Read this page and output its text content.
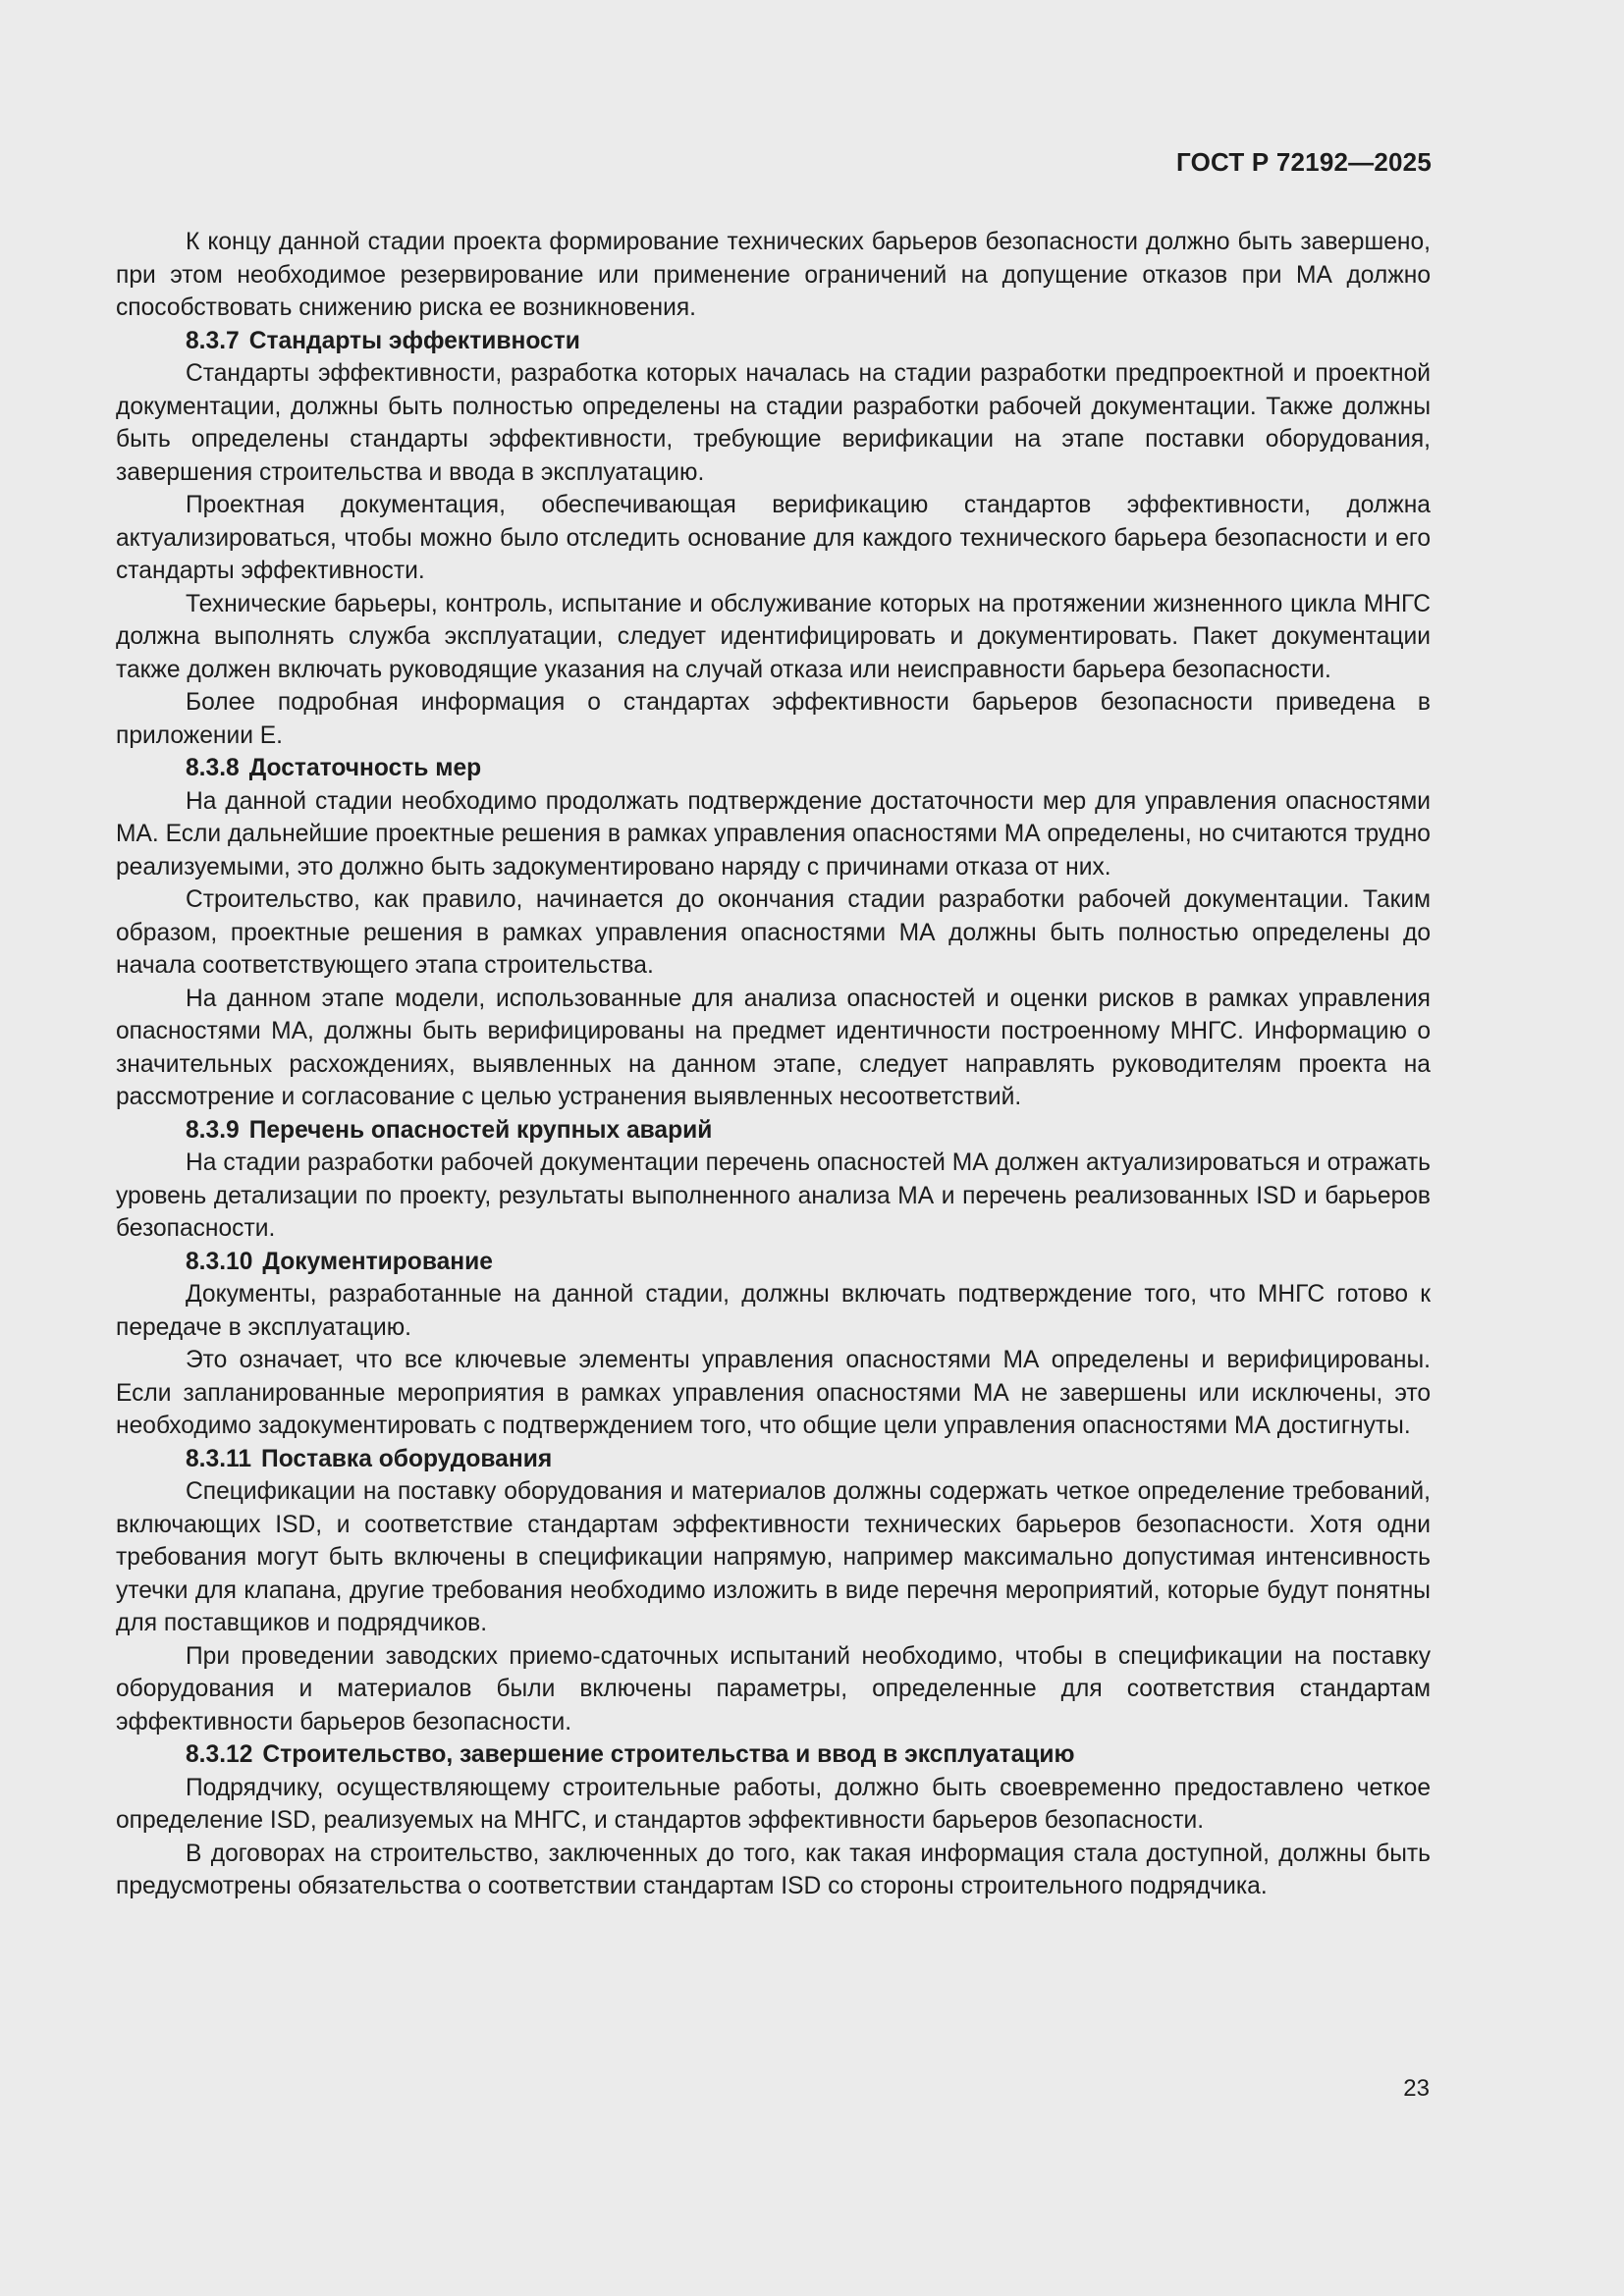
ГОСТ Р 72192—2025

К концу данной стадии проекта формирование технических барьеров безопасности должно быть завершено, при этом необходимое резервирование или применение ограничений на допущение отказов при МА должно способствовать снижению риска ее возникновения.

8.3.7 Стандарты эффективности

Стандарты эффективности, разработка которых началась на стадии разработки предпроектной и проектной документации, должны быть полностью определены на стадии разработки рабочей документации. Также должны быть определены стандарты эффективности, требующие верификации на этапе поставки оборудования, завершения строительства и ввода в эксплуатацию.

Проектная документация, обеспечивающая верификацию стандартов эффективности, должна актуализироваться, чтобы можно было отследить основание для каждого технического барьера безопасности и его стандарты эффективности.

Технические барьеры, контроль, испытание и обслуживание которых на протяжении жизненного цикла МНГС должна выполнять служба эксплуатации, следует идентифицировать и документировать. Пакет документации также должен включать руководящие указания на случай отказа или неисправности барьера безопасности.

Более подробная информация о стандартах эффективности барьеров безопасности приведена в приложении Е.

8.3.8 Достаточность мер

На данной стадии необходимо продолжать подтверждение достаточности мер для управления опасностями МА. Если дальнейшие проектные решения в рамках управления опасностями МА определены, но считаются трудно реализуемыми, это должно быть задокументировано наряду с причинами отказа от них.

Строительство, как правило, начинается до окончания стадии разработки рабочей документации. Таким образом, проектные решения в рамках управления опасностями МА должны быть полностью определены до начала соответствующего этапа строительства.

На данном этапе модели, использованные для анализа опасностей и оценки рисков в рамках управления опасностями МА, должны быть верифицированы на предмет идентичности построенному МНГС. Информацию о значительных расхождениях, выявленных на данном этапе, следует направлять руководителям проекта на рассмотрение и согласование с целью устранения выявленных несоответствий.

8.3.9 Перечень опасностей крупных аварий

На стадии разработки рабочей документации перечень опасностей МА должен актуализироваться и отражать уровень детализации по проекту, результаты выполненного анализа МА и перечень реализованных ISD и барьеров безопасности.

8.3.10 Документирование

Документы, разработанные на данной стадии, должны включать подтверждение того, что МНГС готово к передаче в эксплуатацию.

Это означает, что все ключевые элементы управления опасностями МА определены и верифицированы. Если запланированные мероприятия в рамках управления опасностями МА не завершены или исключены, это необходимо задокументировать с подтверждением того, что общие цели управления опасностями МА достигнуты.

8.3.11 Поставка оборудования

Спецификации на поставку оборудования и материалов должны содержать четкое определение требований, включающих ISD, и соответствие стандартам эффективности технических барьеров безопасности. Хотя одни требования могут быть включены в спецификации напрямую, например максимально допустимая интенсивность утечки для клапана, другие требования необходимо изложить в виде перечня мероприятий, которые будут понятны для поставщиков и подрядчиков.

При проведении заводских приемо-сдаточных испытаний необходимо, чтобы в спецификации на поставку оборудования и материалов были включены параметры, определенные для соответствия стандартам эффективности барьеров безопасности.

8.3.12 Строительство, завершение строительства и ввод в эксплуатацию

Подрядчику, осуществляющему строительные работы, должно быть своевременно предоставлено четкое определение ISD, реализуемых на МНГС, и стандартов эффективности барьеров безопасности.

В договорах на строительство, заключенных до того, как такая информация стала доступной, должны быть предусмотрены обязательства о соответствии стандартам ISD со стороны строительного подрядчика.

23
